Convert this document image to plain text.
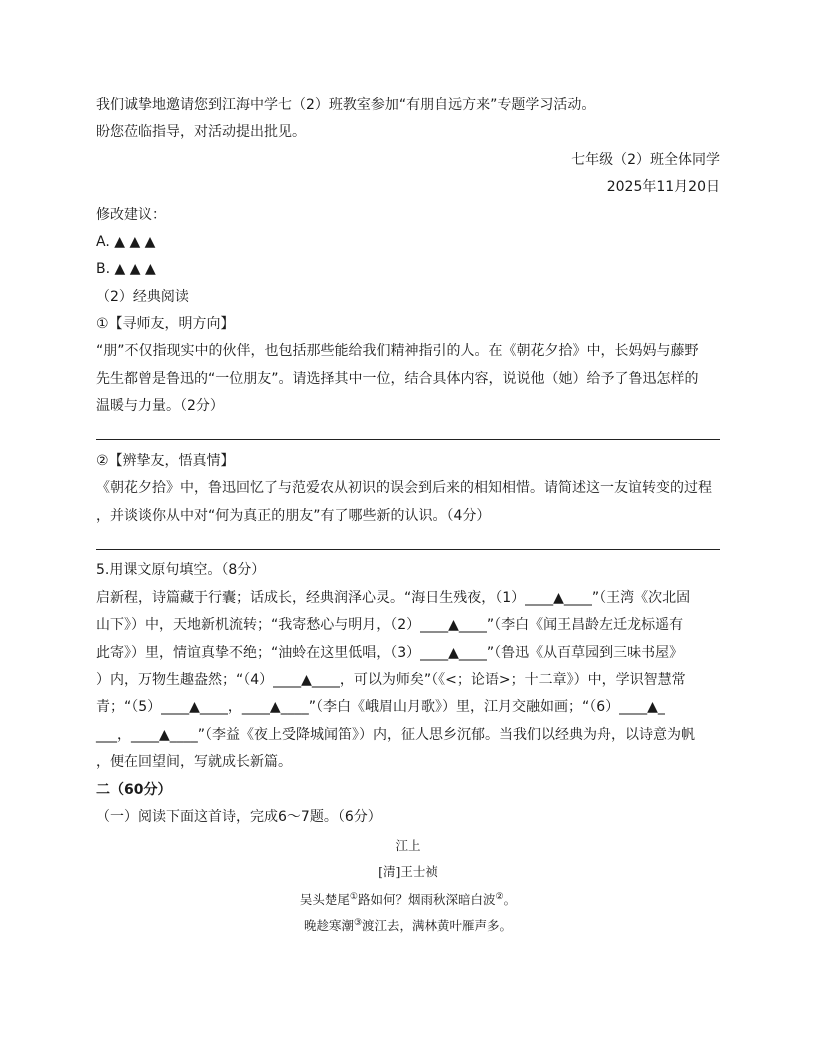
我们诚挚地邀请您到江海中学七（2）班教室参加“有朋自远方来”专题学习活动。
盼您莅临指导，对活动提出批见。
七年级（2）班全体同学
2025年11月20日
修改建议：
A. ▲ ▲ ▲
B. ▲ ▲ ▲
（2）经典阅读
①【寻师友，明方向】
“朋”不仅指现实中的伙伴，也包括那些能给我们精神指引的人。在《朝花夕拾》中，长妈妈与藤野
先生都曾是鲁迅的“一位朋友”。请选择其中一位，结合具体内容，说说他（她）给予了鲁迅怎样的
温暖与力量。（2分）
②【辨挚友，悟真情】
《朝花夕拾》中，鲁迅回忆了与范爱农从初识的误会到后来的相知相惜。请简述这一友谊转变的过程
，并谈谈你从中对“何为真正的朋友”有了哪些新的认识。（4分）
5.用课文原句填空。（8分）
启新程，诗篇藏于行囊；话成长，经典润泽心灵。“海日生残夜，（1）____▲____”（王湾《次北固
山下》）中，天地新机流转；“我寄愁心与明月，（2）____▲____”（李白《闻王昌龄左迁龙标遥有
此寄》）里，情谊真挚不绝；“油蛉在这里低唱，（3）____▲____”（鲁迅《从百草园到三味书屋》
）内，万物生趣盎然；“（4）____▲____，可以为师矣”（《<；论语>；十二章》）中，学识智慧常
青；“（5）____▲____，____▲____”（李白《峨眉山月歌》）里，江月交融如画；“（6）____▲_
___，____▲____”（李益《夜上受降城闻笛》）内，征人思乡沉郁。当我们以经典为舟，以诗意为帆
，便在回望间，写就成长新篇。
二（60分）
（一）阅读下面这首诗，完成6～7题。（6分）
江上
[清]王士祯
吴头楚尾①路如何？烟雨秋深暗白波②。
晚趁寒潮③渡江去，满林黄叶雁声多。
